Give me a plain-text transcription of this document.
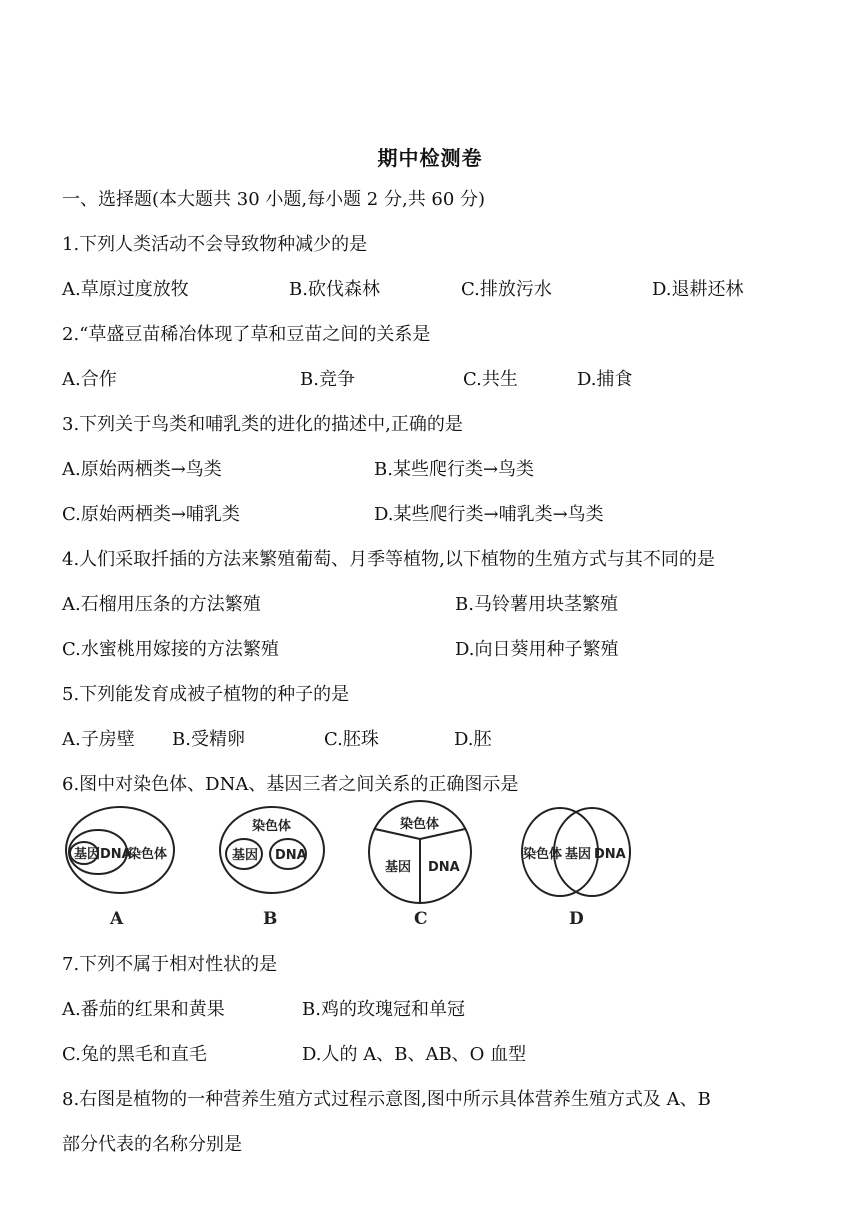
期中检测卷
一、选择题(本大题共 30 小题,每小题 2 分,共 60 分)
1.下列人类活动不会导致物种减少的是
A.草原过度放牧	B.砍伐森林	C.排放污水	D.退耕还林
2.“草盛豆苗稀冶体现了草和豆苗之间的关系是
A.合作	B.竞争	C.共生	D.捕食
3.下列关于鸟类和哺乳类的进化的描述中,正确的是
A.原始两栖类→鸟类	B.某些爬行类→鸟类
C.原始两栖类→哺乳类	D.某些爬行类→哺乳类→鸟类
4.人们采取扦插的方法来繁殖葡萄、月季等植物,以下植物的生殖方式与其不同的是
A.石榴用压条的方法繁殖	B.马铃薯用块茎繁殖
C.水蜜桃用嫁接的方法繁殖	D.向日葵用种子繁殖
5.下列能发育成被子植物的种子的是
A.子房壁 B.受精卵	C.胚珠	D.胚
6.图中对染色体、DNA、基因三者之间关系的正确图示是
基因 DNA
染色体
染色体
基因 DNA
染色体
基因 DNA
染色体 基因 DNA
A	B	C	D
7.下列不属于相对性状的是
A.番茄的红果和黄果	B.鸡的玫瑰冠和单冠
C.兔的黑毛和直毛	D.人的 A、B、AB、O 血型
8.右图是植物的一种营养生殖方式过程示意图,图中所示具体营养生殖方式及 A、B
部分代表的名称分别是
